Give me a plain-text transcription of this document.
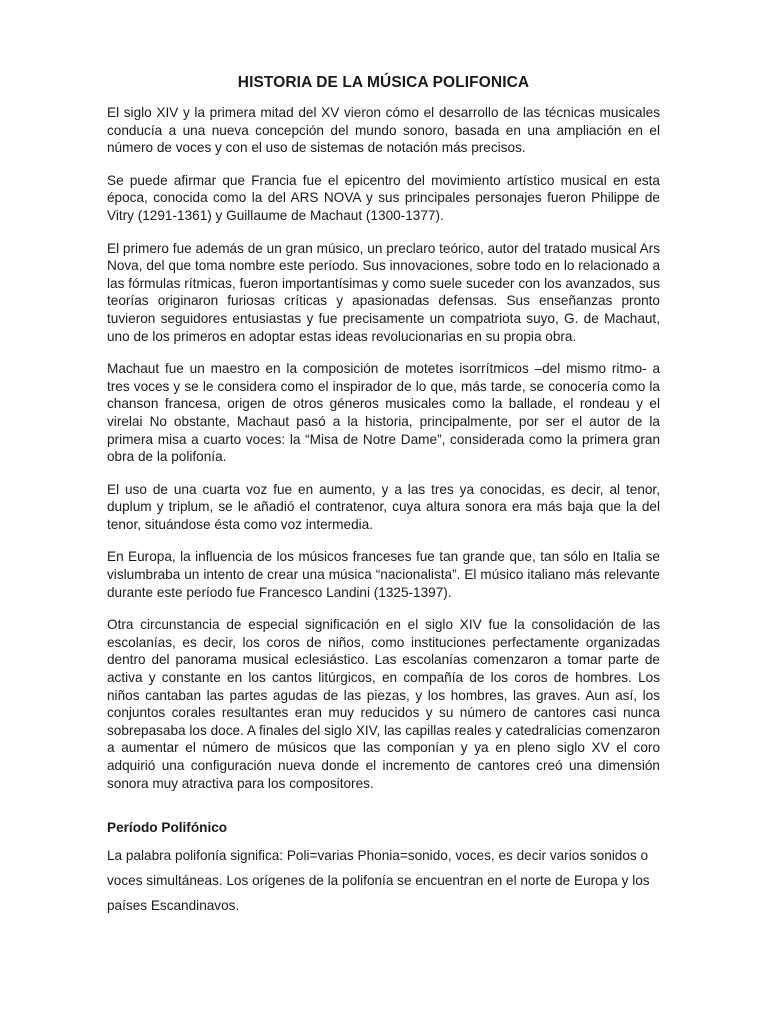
HISTORIA DE LA MÚSICA POLIFONICA

El siglo XIV y la primera mitad del XV vieron cómo el desarrollo de las técnicas musicales conducía a una nueva concepción del mundo sonoro, basada en una ampliación en el número de voces y con el uso de sistemas de notación más precisos.

Se puede afirmar que Francia fue el epicentro del movimiento artístico musical en esta época, conocida como la del ARS NOVA y sus principales personajes fueron Philippe de Vitry (1291-1361) y Guillaume de Machaut (1300-1377).

El primero fue además de un gran músico, un preclaro teórico, autor del tratado musical Ars Nova, del que toma nombre este período. Sus innovaciones, sobre todo en lo relacionado a las fórmulas rítmicas, fueron importantísimas y como suele suceder con los avanzados, sus teorías originaron furiosas críticas y apasionadas defensas. Sus enseñanzas pronto tuvieron seguidores entusiastas y fue precisamente un compatriota suyo, G. de Machaut, uno de los primeros en adoptar estas ideas revolucionarias en su propia obra.

Machaut fue un maestro en la composición de motetes isorrítmicos –del mismo ritmo- a tres voces y se le considera como el inspirador de lo que, más tarde, se conocería como la chanson francesa, origen de otros géneros musicales como la ballade, el rondeau y el virelai No obstante, Machaut pasó a la historia, principalmente, por ser el autor de la primera misa a cuarto voces: la “Misa de Notre Dame”, considerada como la primera gran obra de la polifonía.

El uso de una cuarta voz fue en aumento, y a las tres ya conocidas, es decir, al tenor, duplum y triplum, se le añadió el contratenor, cuya altura sonora era más baja que la del tenor, situándose ésta como voz intermedia.

En Europa, la influencia de los músicos franceses fue tan grande que, tan sólo en Italia se vislumbraba un intento de crear una música “nacionalista”. El músico italiano más relevante durante este período fue Francesco Landini (1325-1397).

Otra circunstancia de especial significación en el siglo XIV fue la consolidación de las escolanías, es decir, los coros de niños, como instituciones perfectamente organizadas dentro del panorama musical eclesiástico. Las escolanías comenzaron a tomar parte de activa y constante en los cantos litúrgicos, en compañía de los coros de hombres. Los niños cantaban las partes agudas de las piezas, y los hombres, las graves. Aun así, los conjuntos corales resultantes eran muy reducidos y su número de cantores casi nunca sobrepasaba los doce. A finales del siglo XIV, las capillas reales y catedralicias comenzaron a aumentar el número de músicos que las componían y ya en pleno siglo XV el coro adquirió una configuración nueva donde el incremento de cantores creó una dimensión sonora muy atractiva para los compositores.

Período Polifónico

La palabra polifonía significa: Poli=varias Phonia=sonido, voces, es decir varios sonidos o voces simultáneas. Los orígenes de la polifonía se encuentran en el norte de Europa y los países Escandinavos.
